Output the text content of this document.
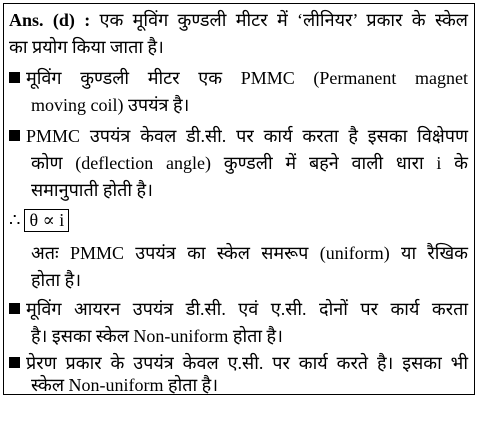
Ans. (d) : एक मूविंग कुण्डली मीटर में ‘लीनियर’ प्रकार के स्केल
का प्रयोग किया जाता है।
मूविंग कुण्डली मीटर एक PMMC (Permanent magnet
moving coil) उपयंत्र है।
PMMC उपयंत्र केवल डी.सी. पर कार्य करता है इसका विक्षेपण
कोण (deflection angle) कुण्डली में बहने वाली धारा i के
समानुपाती होती है।
∴ θ ∝ i
अतः PMMC उपयंत्र का स्केल समरूप (uniform) या रैखिक
होता है।
मूविंग आयरन उपयंत्र डी.सी. एवं ए.सी. दोनों पर कार्य करता
है। इसका स्केल Non-uniform होता है।
प्रेरण प्रकार के उपयंत्र केवल ए.सी. पर कार्य करते है। इसका भी
स्केल Non-uniform होता है।
